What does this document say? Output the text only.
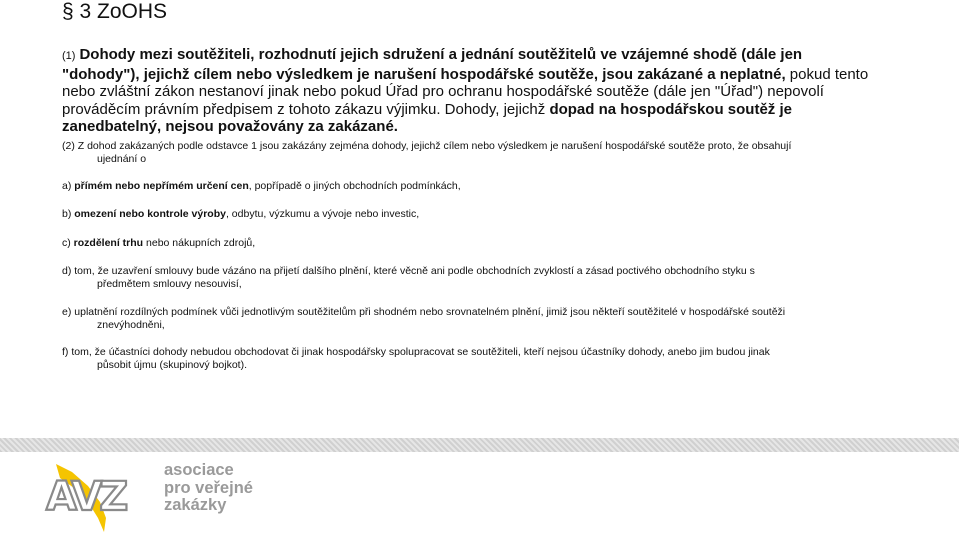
§ 3 ZoOHS
(1) Dohody mezi soutěžiteli, rozhodnutí jejich sdružení a jednání soutěžitelů ve vzájemné shodě (dále jen "dohody"), jejichž cílem nebo výsledkem je narušení hospodářské soutěže, jsou zakázané a neplatné, pokud tento nebo zvláštní zákon nestanoví jinak nebo pokud Úřad pro ochranu hospodářské soutěže (dále jen "Úřad") nepovolí prováděcím právním předpisem z tohoto zákazu výjimku. Dohody, jejichž dopad na hospodářskou soutěž je zanedbatelný, nejsou považovány za zakázané.
(2) Z dohod zakázaných podle odstavce 1 jsou zakázány zejména dohody, jejichž cílem nebo výsledkem je narušení hospodářské soutěže proto, že obsahují
ujednání o
a) přímém nebo nepřímém určení cen, popřípadě o jiných obchodních podmínkách,
b) omezení nebo kontrole výroby, odbytu, výzkumu a vývoje nebo investic,
c) rozdělení trhu nebo nákupních zdrojů,
d) tom, že uzavření smlouvy bude vázáno na přijetí dalšího plnění, které věcně ani podle obchodních zvyklostí a zásad poctivého obchodního styku s
předmětem smlouvy nesouvisí,
e) uplatnění rozdílných podmínek vůči jednotlivým soutěžitelům při shodném nebo srovnatelném plnění, jimiž jsou někteří soutěžitelé v hospodářské soutěži
znevýhodněni,
f) tom, že účastníci dohody nebudou obchodovat či jinak hospodářsky spolupracovat se soutěžiteli, kteří nejsou účastníky dohody, anebo jim budou jinak
působit újmu (skupinový bojkot).
AVZ
asociace
pro veřejné
zakázky
